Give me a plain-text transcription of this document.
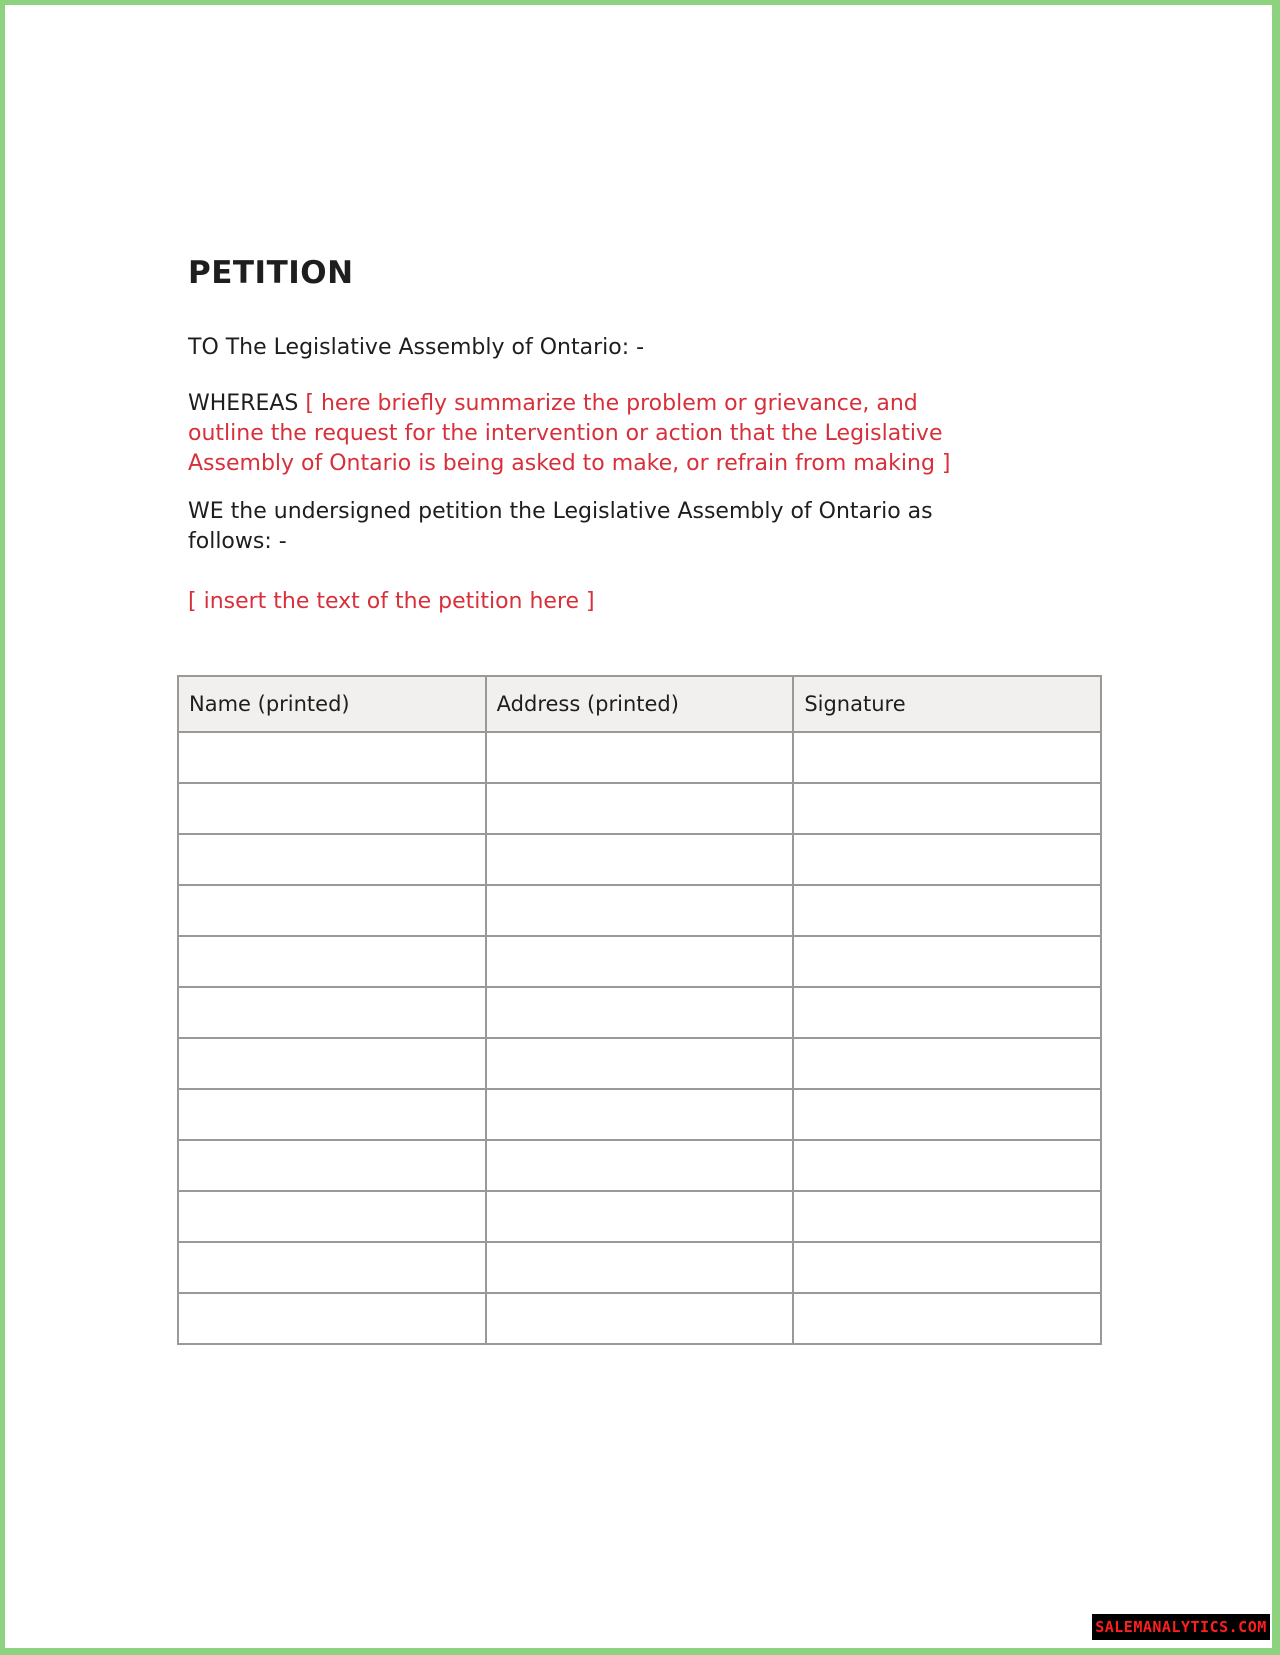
PETITION

TO The Legislative Assembly of Ontario: -

WHEREAS [ here briefly summarize the problem or grievance, and
outline the request for the intervention or action that the Legislative
Assembly of Ontario is being asked to make, or refrain from making ]

WE the undersigned petition the Legislative Assembly of Ontario as
follows: -

[ insert the text of the petition here ]

Name (printed)	Address (printed)	Signature

SALEMANALYTICS.COM
